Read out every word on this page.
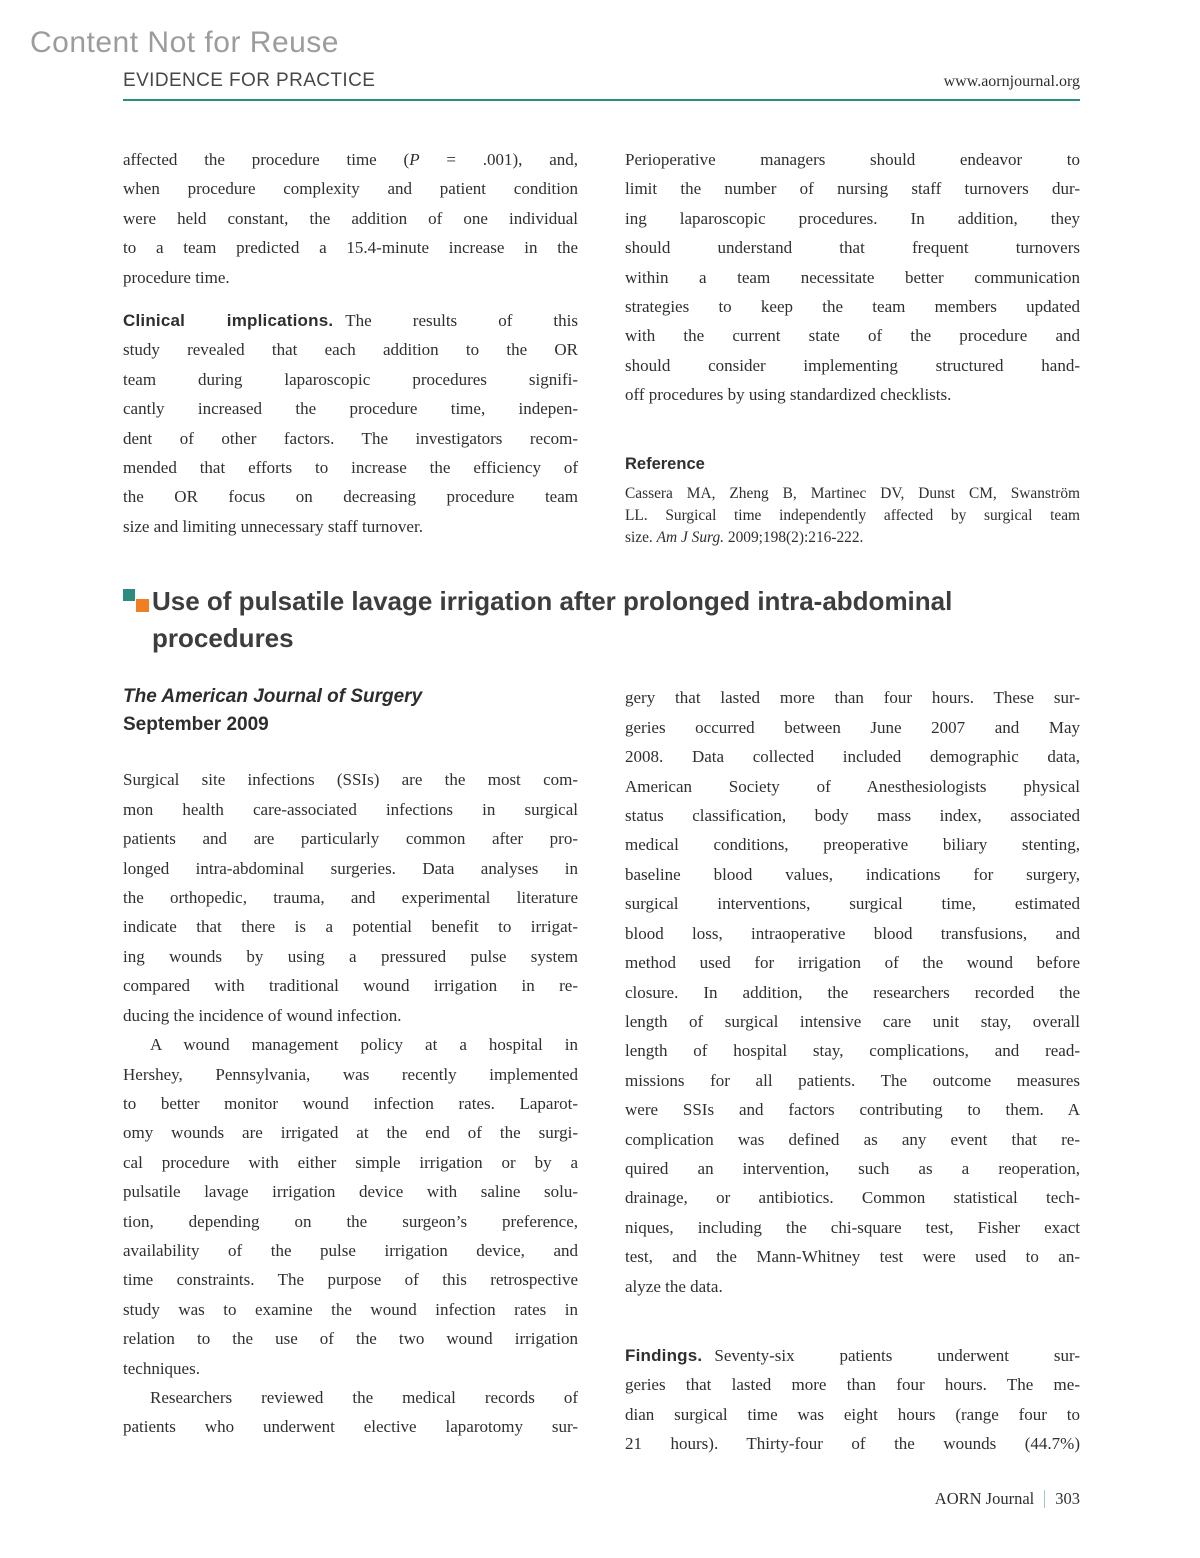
Content Not for Reuse
EVIDENCE FOR PRACTICE	www.aornjournal.org
affected the procedure time (P = .001), and,
when procedure complexity and patient condition
were held constant, the addition of one individual
to a team predicted a 15.4-minute increase in the
procedure time.
Clinical implications. The results of this
study revealed that each addition to the OR
team during laparoscopic procedures signifi-
cantly increased the procedure time, indepen-
dent of other factors. The investigators recom-
mended that efforts to increase the efficiency of
the OR focus on decreasing procedure team
size and limiting unnecessary staff turnover.
Perioperative managers should endeavor to
limit the number of nursing staff turnovers dur-
ing laparoscopic procedures. In addition, they
should understand that frequent turnovers
within a team necessitate better communication
strategies to keep the team members updated
with the current state of the procedure and
should consider implementing structured hand-
off procedures by using standardized checklists.
Reference
Cassera MA, Zheng B, Martinec DV, Dunst CM, Swanström
LL. Surgical time independently affected by surgical team
size. Am J Surg. 2009;198(2):216-222.
Use of pulsatile lavage irrigation after prolonged intra-abdominal
procedures
The American Journal of Surgery
September 2009
Surgical site infections (SSIs) are the most com-
mon health care-associated infections in surgical
patients and are particularly common after pro-
longed intra-abdominal surgeries. Data analyses in
the orthopedic, trauma, and experimental literature
indicate that there is a potential benefit to irrigat-
ing wounds by using a pressured pulse system
compared with traditional wound irrigation in re-
ducing the incidence of wound infection.
A wound management policy at a hospital in
Hershey, Pennsylvania, was recently implemented
to better monitor wound infection rates. Laparot-
omy wounds are irrigated at the end of the surgi-
cal procedure with either simple irrigation or by a
pulsatile lavage irrigation device with saline solu-
tion, depending on the surgeon’s preference,
availability of the pulse irrigation device, and
time constraints. The purpose of this retrospective
study was to examine the wound infection rates in
relation to the use of the two wound irrigation
techniques.
Researchers reviewed the medical records of
patients who underwent elective laparotomy sur-
gery that lasted more than four hours. These sur-
geries occurred between June 2007 and May
2008. Data collected included demographic data,
American Society of Anesthesiologists physical
status classification, body mass index, associated
medical conditions, preoperative biliary stenting,
baseline blood values, indications for surgery,
surgical interventions, surgical time, estimated
blood loss, intraoperative blood transfusions, and
method used for irrigation of the wound before
closure. In addition, the researchers recorded the
length of surgical intensive care unit stay, overall
length of hospital stay, complications, and read-
missions for all patients. The outcome measures
were SSIs and factors contributing to them. A
complication was defined as any event that re-
quired an intervention, such as a reoperation,
drainage, or antibiotics. Common statistical tech-
niques, including the chi-square test, Fisher exact
test, and the Mann-Whitney test were used to an-
alyze the data.
Findings. Seventy-six patients underwent sur-
geries that lasted more than four hours. The me-
dian surgical time was eight hours (range four to
21 hours). Thirty-four of the wounds (44.7%)
AORN Journal 303
